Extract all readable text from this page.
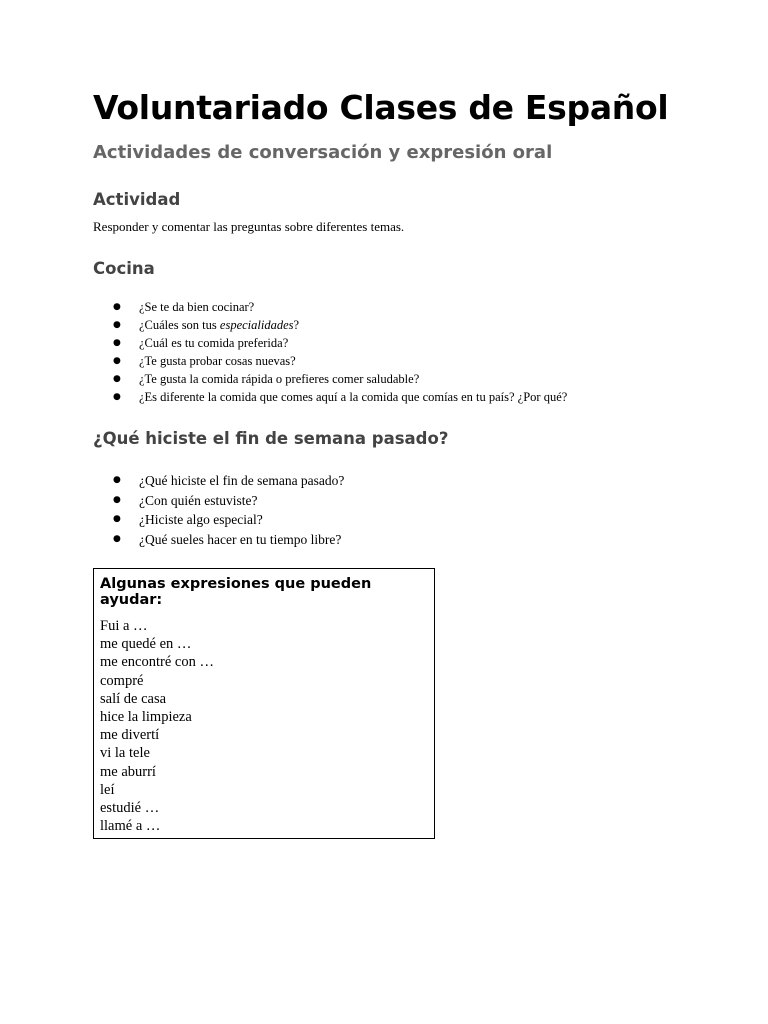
Voluntariado Clases de Español
Actividades de conversación y expresión oral
Actividad

Responder y comentar las preguntas sobre diferentes temas.

Cocina
● ¿Se te da bien cocinar?
● ¿Cuáles son tus especialidades?
● ¿Cuál es tu comida preferida?
● ¿Te gusta probar cosas nuevas?
● ¿Te gusta la comida rápida o prefieres comer saludable?
● ¿Es diferente la comida que comes aquí a la comida que comías en tu país? ¿Por qué?
¿Qué hiciste el fin de semana pasado?
● ¿Qué hiciste el fin de semana pasado?
● ¿Con quién estuviste?
● ¿Hiciste algo especial?
● ¿Qué sueles hacer en tu tiempo libre?
Algunas expresiones que pueden ayudar:
Fui a …
me quedé en …
me encontré con …
compré
salí de casa
hice la limpieza
me divertí
vi la tele
me aburrí
leí
estudié …
llamé a …
